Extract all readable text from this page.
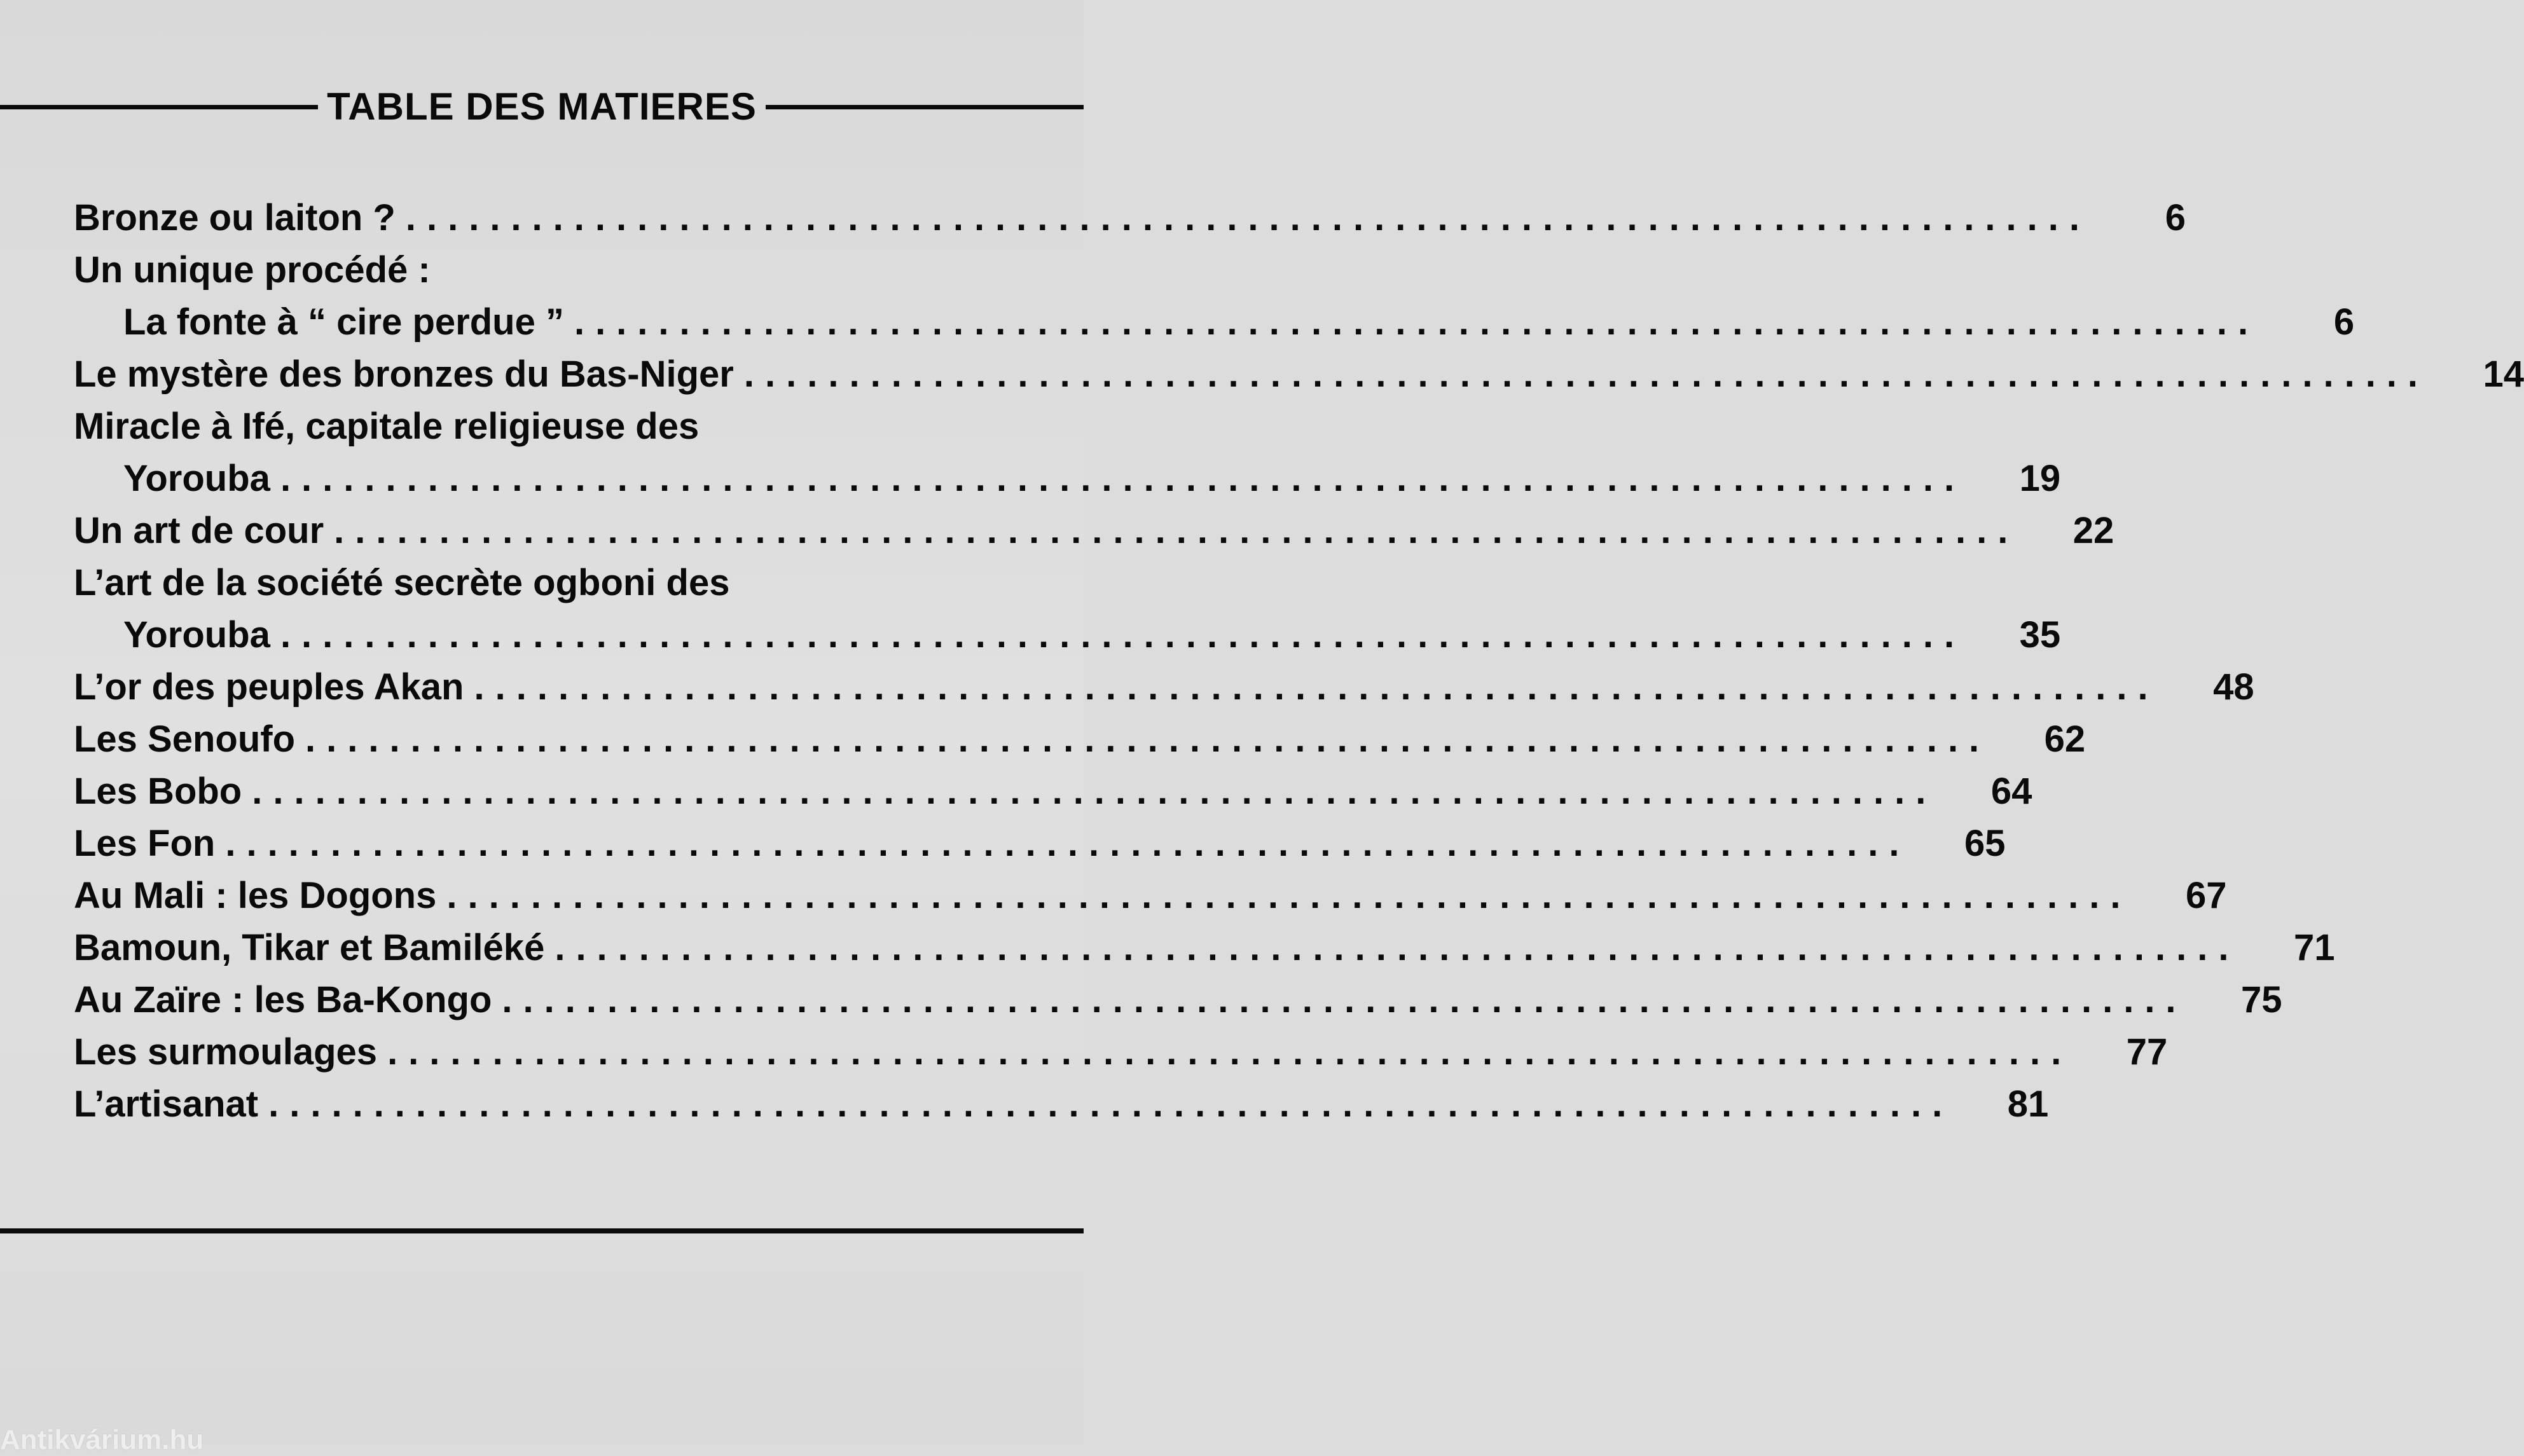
TABLE DES MATIERES
Bronze ou laiton ? ................................................................................	6
Un unique procédé :
La fonte à “ cire perdue ” ................................................................................	6
Le mystère des bronzes du Bas-Niger ................................................................................	14
Miracle à Ifé, capitale religieuse des
Yorouba ................................................................................	19
Un art de cour ................................................................................	22
L’art de la société secrète ogboni des
Yorouba ................................................................................	35
L’or des peuples Akan ................................................................................	48
Les Senoufo ................................................................................	62
Les Bobo ................................................................................	64
Les Fon ................................................................................	65
Au Mali : les Dogons ................................................................................	67
Bamoun, Tikar et Bamiléké ................................................................................	71
Au Zaïre : les Ba-Kongo ................................................................................	75
Les surmoulages ................................................................................	77
L’artisanat ................................................................................	81
Antikvárium.hu
